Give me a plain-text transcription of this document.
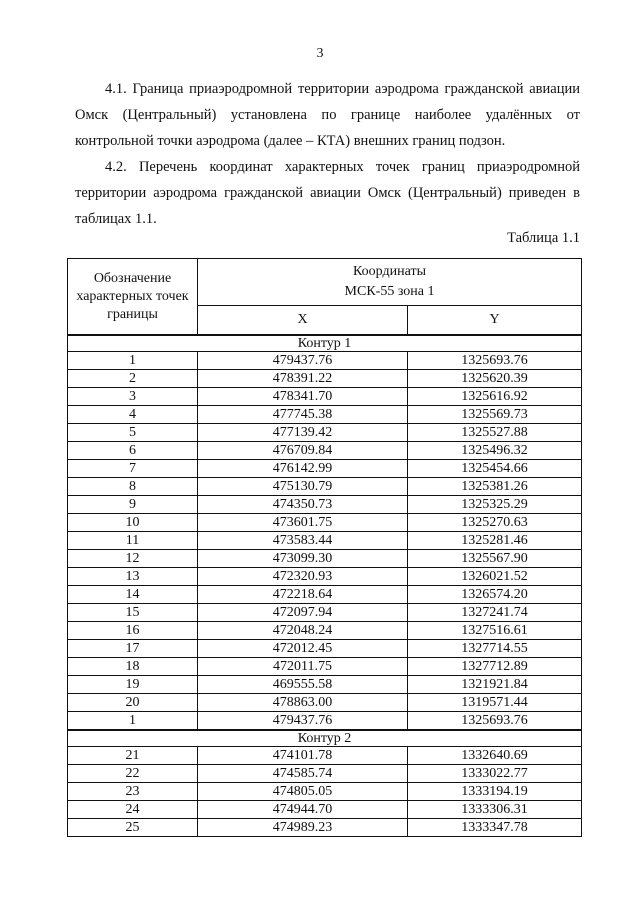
3

4.1. Граница приаэродромной территории аэродрома гражданской авиации Омск (Центральный) установлена по границе наиболее удалённых от контрольной точки аэродрома (далее – КТА) внешних границ подзон.

4.2. Перечень координат характерных точек границ приаэродромной территории аэродрома гражданской авиации Омск (Центральный) приведен в таблицах 1.1.

Таблица 1.1
Обозначение характерных точек границы	Координаты
МСК-55 зона 1	

	X	Y
Контур 1		
1	479437.76	1325693.76
2	478391.22	1325620.39
3	478341.70	1325616.92
4	477745.38	1325569.73
5	477139.42	1325527.88
6	476709.84	1325496.32
7	476142.99	1325454.66
8	475130.79	1325381.26
9	474350.73	1325325.29
10	473601.75	1325270.63
11	473583.44	1325281.46
12	473099.30	1325567.90
13	472320.93	1326021.52
14	472218.64	1326574.20
15	472097.94	1327241.74
16	472048.24	1327516.61
17	472012.45	1327714.55
18	472011.75	1327712.89
19	469555.58	1321921.84
20	478863.00	1319571.44
1	479437.76	1325693.76
Контур 2		
21	474101.78	1332640.69
22	474585.74	1333022.77
23	474805.05	1333194.19
24	474944.70	1333306.31
25	474989.23	1333347.78
